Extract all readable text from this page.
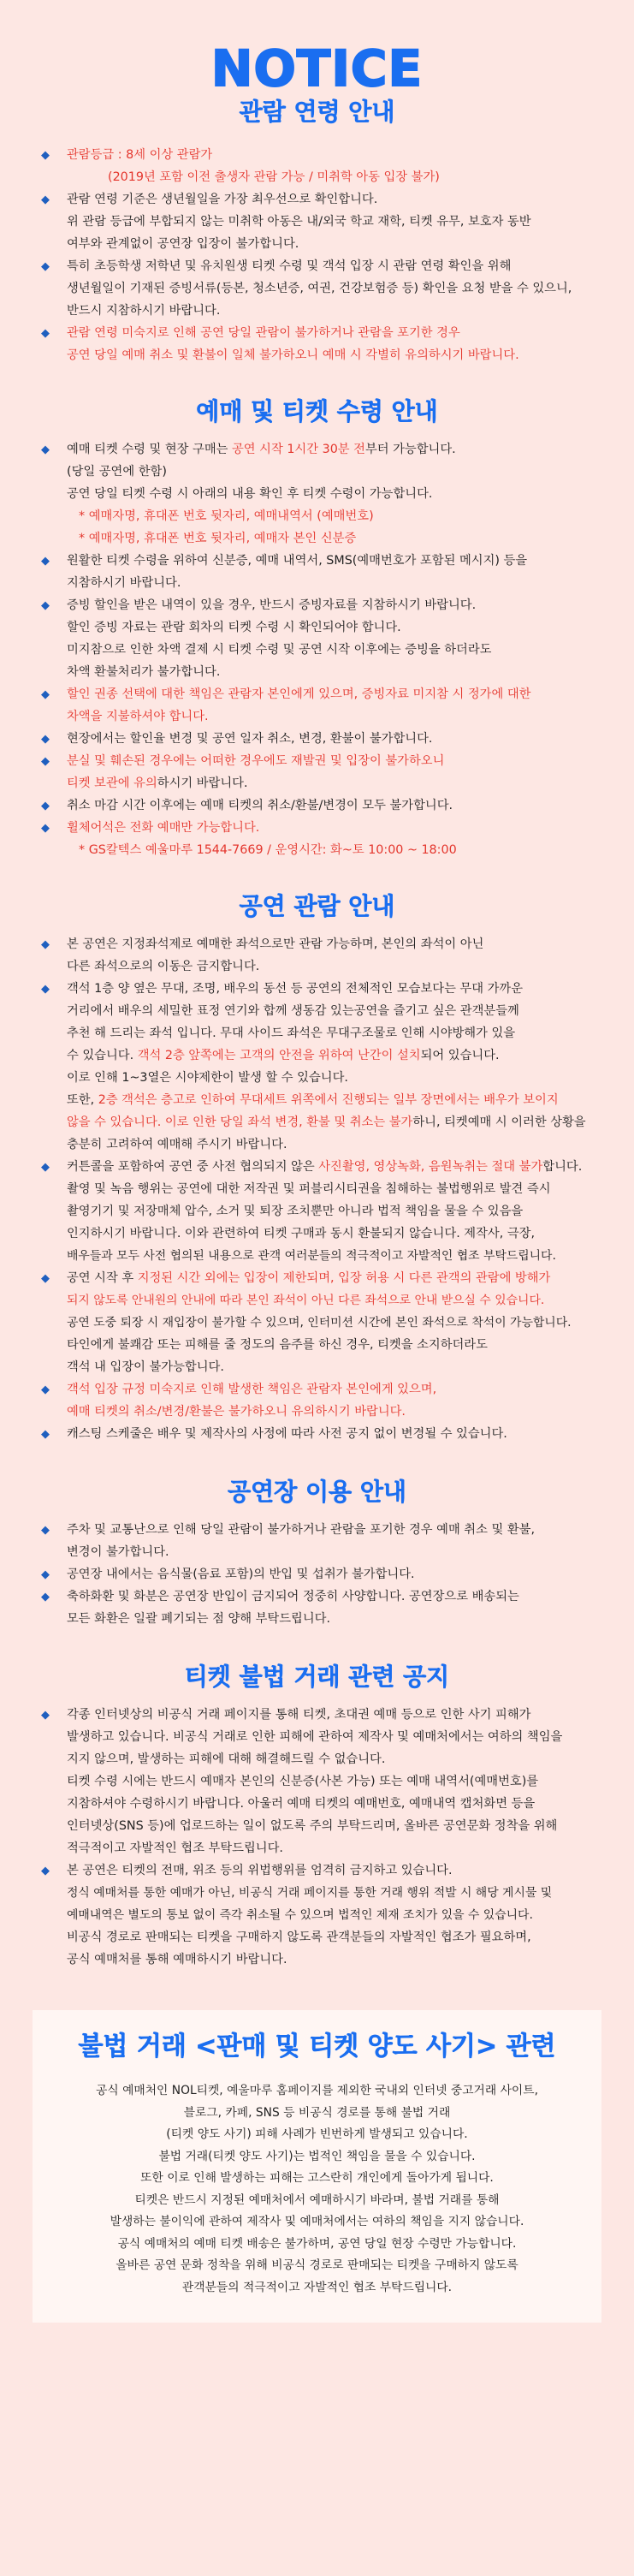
NOTICE
관람 연령 안내
◆ 관람등급 : 8세 이상 관람가
(2019년 포함 이전 출생자 관람 가능 / 미취학 아동 입장 불가)
◆ 관람 연령 기준은 생년월일을 가장 최우선으로 확인합니다.
위 관람 등급에 부합되지 않는 미취학 아동은 내/외국 학교 재학, 티켓 유무, 보호자 동반
여부와 관계없이 공연장 입장이 불가합니다.
◆ 특히 초등학생 저학년 및 유치원생 티켓 수령 및 객석 입장 시 관람 연령 확인을 위해
생년월일이 기재된 증빙서류(등본, 청소년증, 여권, 건강보험증 등) 확인을 요청 받을 수 있으니,
반드시 지참하시기 바랍니다.
◆ 관람 연령 미숙지로 인해 공연 당일 관람이 불가하거나 관람을 포기한 경우
공연 당일 예매 취소 및 환불이 일체 불가하오니 예매 시 각별히 유의하시기 바랍니다.
예매 및 티켓 수령 안내
◆ 예매 티켓 수령 및 현장 구매는 공연 시작 1시간 30분 전부터 가능합니다.
(당일 공연에 한함)
공연 당일 티켓 수령 시 아래의 내용 확인 후 티켓 수령이 가능합니다.
* 예매자명, 휴대폰 번호 뒷자리, 예매내역서 (예매번호)
* 예매자명, 휴대폰 번호 뒷자리, 예매자 본인 신분증
◆ 원활한 티켓 수령을 위하여 신분증, 예매 내역서, SMS(예매번호가 포함된 메시지) 등을
지참하시기 바랍니다.
◆ 증빙 할인을 받은 내역이 있을 경우, 반드시 증빙자료를 지참하시기 바랍니다.
할인 증빙 자료는 관람 회차의 티켓 수령 시 확인되어야 합니다.
미지참으로 인한 차액 결제 시 티켓 수령 및 공연 시작 이후에는 증빙을 하더라도
차액 환불처리가 불가합니다.
◆ 할인 권종 선택에 대한 책임은 관람자 본인에게 있으며, 증빙자료 미지참 시 정가에 대한
차액을 지불하셔야 합니다.
◆ 현장에서는 할인율 변경 및 공연 일자 취소, 변경, 환불이 불가합니다.
◆ 분실 및 훼손된 경우에는 어떠한 경우에도 재발권 및 입장이 불가하오니
티켓 보관에 유의하시기 바랍니다.
◆ 취소 마감 시간 이후에는 예매 티켓의 취소/환불/변경이 모두 불가합니다.
◆ 휠체어석은 전화 예매만 가능합니다.
* GS칼텍스 예울마루 1544-7669 / 운영시간: 화~토 10:00 ~ 18:00
공연 관람 안내
◆ 본 공연은 지정좌석제로 예매한 좌석으로만 관람 가능하며, 본인의 좌석이 아닌
다른 좌석으로의 이동은 금지합니다.
◆ 객석 1층 양 옆은 무대, 조명, 배우의 동선 등 공연의 전체적인 모습보다는 무대 가까운
거리에서 배우의 세밀한 표정 연기와 합께 생동감 있는공연을 즐기고 싶은 관객분들께
추천 해 드리는 좌석 입니다. 무대 사이드 좌석은 무대구조물로 인해 시야방해가 있을
수 있습니다. 객석 2층 앞쪽에는 고객의 안전을 위하여 난간이 설치되어 있습니다.
이로 인해 1~3열은 시야제한이 발생 할 수 있습니다.
또한, 2층 객석은 층고로 인하여 무대세트 위쪽에서 진행되는 일부 장면에서는 배우가 보이지
않을 수 있습니다. 이로 인한 당일 좌석 변경, 환불 및 취소는 불가하니, 티켓예매 시 이러한 상황을
충분히 고려하여 예매해 주시기 바랍니다.
◆ 커튼콜을 포함하여 공연 중 사전 협의되지 않은 사진촬영, 영상녹화, 음원녹취는 절대 불가합니다.
촬영 및 녹음 행위는 공연에 대한 저작권 및 퍼블리시티권을 침해하는 불법행위로 발견 즉시
촬영기기 및 저장매체 압수, 소거 및 퇴장 조치뿐만 아니라 법적 책임을 물을 수 있음을
인지하시기 바랍니다. 이와 관련하여 티켓 구매과 동시 환불되지 않습니다. 제작사, 극장,
배우들과 모두 사전 협의된 내용으로 관객 여러분들의 적극적이고 자발적인 협조 부탁드립니다.
◆ 공연 시작 후 지정된 시간 외에는 입장이 제한되며, 입장 허용 시 다른 관객의 관람에 방해가
되지 않도록 안내원의 안내에 따라 본인 좌석이 아닌 다른 좌석으로 안내 받으실 수 있습니다.
공연 도중 퇴장 시 재입장이 불가할 수 있으며, 인터미션 시간에 본인 좌석으로 착석이 가능합니다.
타인에게 불쾌감 또는 피해를 줄 정도의 음주를 하신 경우, 티켓을 소지하더라도
객석 내 입장이 불가능합니다.
◆ 객석 입장 규정 미숙지로 인해 발생한 책임은 관람자 본인에게 있으며,
예매 티켓의 취소/변경/환불은 불가하오니 유의하시기 바랍니다.
◆ 캐스팅 스케줄은 배우 및 제작사의 사정에 따라 사전 공지 없이 변경될 수 있습니다.
공연장 이용 안내
◆ 주차 및 교통난으로 인해 당일 관람이 불가하거나 관람을 포기한 경우 예매 취소 및 환불,
변경이 불가합니다.
◆ 공연장 내에서는 음식물(음료 포함)의 반입 및 섭취가 불가합니다.
◆ 축하화환 및 화분은 공연장 반입이 금지되어 정중히 사양합니다. 공연장으로 배송되는
모든 화환은 일괄 폐기되는 점 양해 부탁드립니다.
티켓 불법 거래 관련 공지
◆ 각종 인터넷상의 비공식 거래 페이지를 통해 티켓, 초대권 예매 등으로 인한 사기 피해가
발생하고 있습니다. 비공식 거래로 인한 피해에 관하여 제작사 및 예매처에서는 여하의 책임을
지지 않으며, 발생하는 피해에 대해 해결해드릴 수 없습니다.
티켓 수령 시에는 반드시 예매자 본인의 신분증(사본 가능) 또는 예매 내역서(예매번호)를
지참하셔야 수령하시기 바랍니다. 아울러 예매 티켓의 예매번호, 예매내역 캡처화면 등을
인터넷상(SNS 등)에 업로드하는 일이 없도록 주의 부탁드리며, 올바른 공연문화 정착을 위해
적극적이고 자발적인 협조 부탁드립니다.
◆ 본 공연은 티켓의 전매, 위조 등의 위법행위를 엄격히 금지하고 있습니다.
정식 예매처를 통한 예매가 아닌, 비공식 거래 페이지를 통한 거래 행위 적발 시 해당 게시물 및
예매내역은 별도의 통보 없이 즉각 취소될 수 있으며 법적인 제재 조치가 있을 수 있습니다.
비공식 경로로 판매되는 티켓을 구매하지 않도록 관객분들의 자발적인 협조가 필요하며,
공식 예매처를 통해 예매하시기 바랍니다.
불법 거래 <판매 및 티켓 양도 사기> 관련
공식 예매처인 NOL티켓, 예울마루 홈페이지를 제외한 국내외 인터넷 중고거래 사이트,
블로그, 카페, SNS 등 비공식 경로를 통해 불법 거래
(티켓 양도 사기) 피해 사례가 빈번하게 발생되고 있습니다.
불법 거래(티켓 양도 사기)는 법적인 책임을 물을 수 있습니다.
또한 이로 인해 발생하는 피해는 고스란히 개인에게 돌아가게 됩니다.
티켓은 반드시 지정된 예매처에서 예매하시기 바라며, 불법 거래를 통해
발생하는 불이익에 관하여 제작사 및 예매처에서는 여하의 책임을 지지 않습니다.
공식 예매처의 예매 티켓 배송은 불가하며, 공연 당일 현장 수령만 가능합니다.
올바른 공연 문화 정착을 위해 비공식 경로로 판매되는 티켓을 구매하지 않도록
관객분들의 적극적이고 자발적인 협조 부탁드립니다.
